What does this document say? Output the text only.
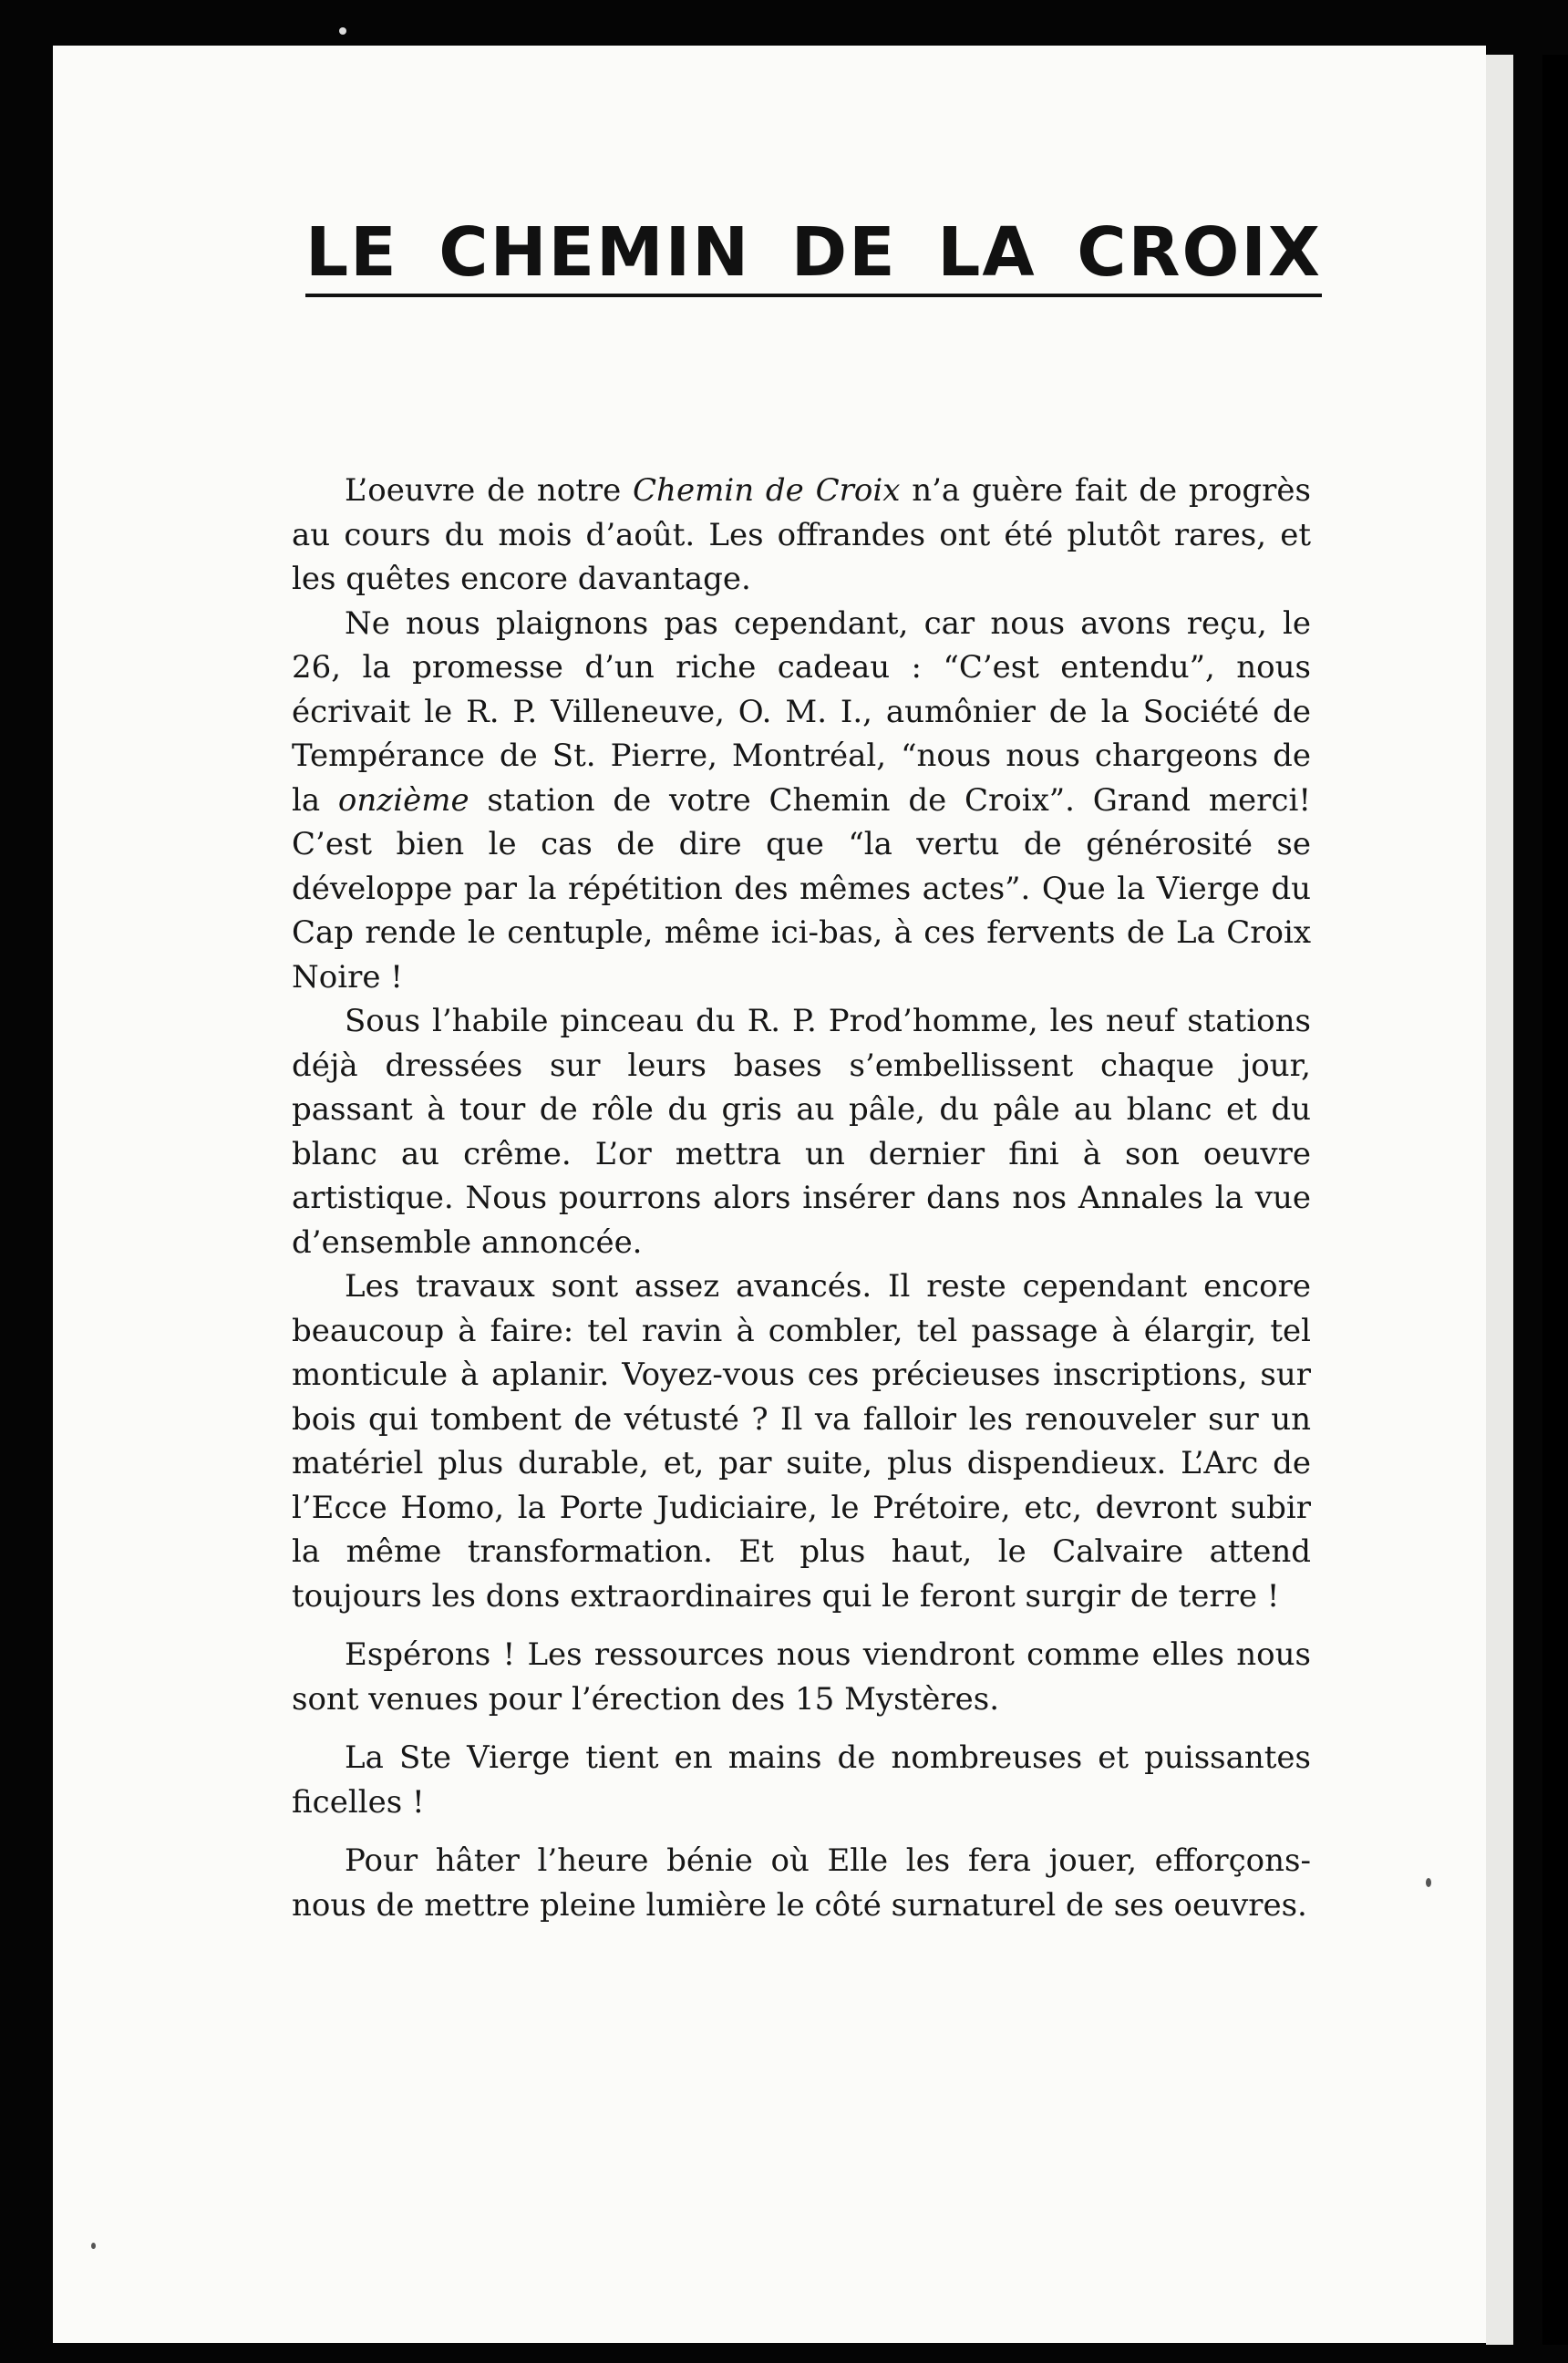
LE CHEMIN DE LA CROIX

L’oeuvre de notre Chemin de Croix n’a guère fait de progrès au cours du mois d’août. Les offrandes ont été plutôt rares, et les quêtes encore davantage.

Ne nous plaignons pas cependant, car nous avons reçu, le 26, la promesse d’un riche cadeau : “C’est entendu”, nous écrivait le R. P. Villeneuve, O. M. I., aumônier de la Société de Tempérance de St. Pierre, Montréal, “nous nous chargeons de la onzième station de votre Chemin de Croix”. Grand merci! C’est bien le cas de dire que “la vertu de générosité se développe par la répétition des mêmes actes”. Que la Vierge du Cap rende le centuple, même ici-bas, à ces fervents de La Croix Noire !

Sous l’habile pinceau du R. P. Prod’homme, les neuf stations déjà dressées sur leurs bases s’embellissent chaque jour, passant à tour de rôle du gris au pâle, du pâle au blanc et du blanc au crême. L’or mettra un dernier fini à son oeuvre artistique. Nous pourrons alors insérer dans nos Annales la vue d’ensemble annoncée.

Les travaux sont assez avancés. Il reste cependant encore beaucoup à faire: tel ravin à combler, tel passage à élargir, tel monticule à aplanir. Voyez-vous ces précieuses inscriptions, sur bois qui tombent de vétusté ? Il va falloir les renouveler sur un matériel plus durable, et, par suite, plus dispendieux. L’Arc de l’Ecce Homo, la Porte Judiciaire, le Prétoire, etc, devront subir la même transformation. Et plus haut, le Calvaire attend toujours les dons extraordinaires qui le feront surgir de terre !

Espérons ! Les ressources nous viendront comme elles nous sont venues pour l’érection des 15 Mystères.

La Ste Vierge tient en mains de nombreuses et puissantes ficelles !

Pour hâter l’heure bénie où Elle les fera jouer, efforçons-nous de mettre pleine lumière le côté surnaturel de ses oeuvres.
